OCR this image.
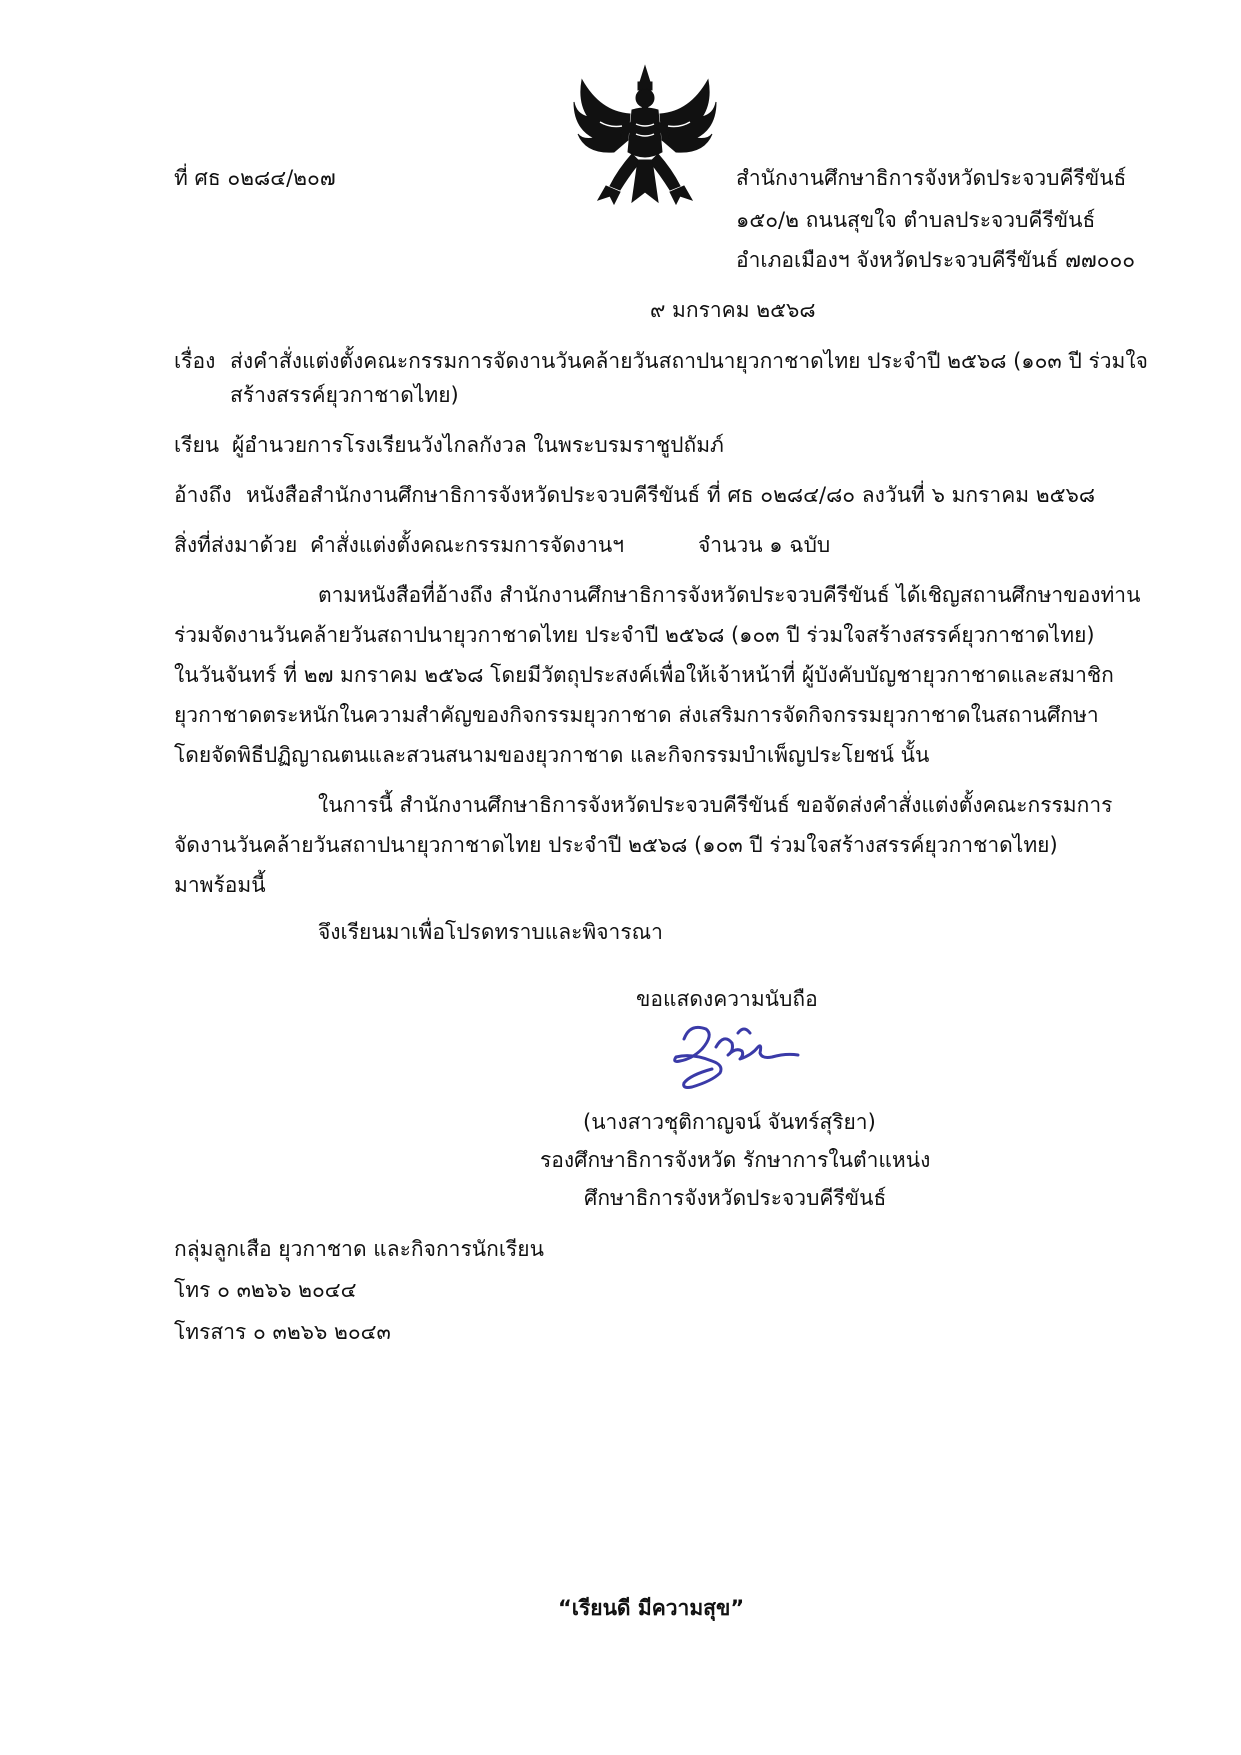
ที่ ศธ ๐๒๘๔/๒๐๗	สำนักงานศึกษาธิการจังหวัดประจวบคีรีขันธ์
๑๕๐/๒ ถนนสุขใจ ตำบลประจวบคีรีขันธ์
อำเภอเมืองฯ จังหวัดประจวบคีรีขันธ์ ๗๗๐๐๐
๙ มกราคม ๒๕๖๘
เรื่อง ส่งคำสั่งแต่งตั้งคณะกรรมการจัดงานวันคล้ายวันสถาปนายุวกาชาดไทย ประจำปี ๒๕๖๘ (๑๐๓ ปี ร่วมใจ
สร้างสรรค์ยุวกาชาดไทย)
เรียน ผู้อำนวยการโรงเรียนวังไกลกังวล ในพระบรมราชูปถัมภ์
อ้างถึง หนังสือสำนักงานศึกษาธิการจังหวัดประจวบคีรีขันธ์ ที่ ศธ ๐๒๘๔/๘๐ ลงวันที่ ๖ มกราคม ๒๕๖๘
สิ่งที่ส่งมาด้วย คำสั่งแต่งตั้งคณะกรรมการจัดงานฯ	จำนวน ๑ ฉบับ
ตามหนังสือที่อ้างถึง สำนักงานศึกษาธิการจังหวัดประจวบคีรีขันธ์ ได้เชิญสถานศึกษาของท่าน
ร่วมจัดงานวันคล้ายวันสถาปนายุวกาชาดไทย ประจำปี ๒๕๖๘ (๑๐๓ ปี ร่วมใจสร้างสรรค์ยุวกาชาดไทย)
ในวันจันทร์ ที่ ๒๗ มกราคม ๒๕๖๘ โดยมีวัตถุประสงค์เพื่อให้เจ้าหน้าที่ ผู้บังคับบัญชายุวกาชาดและสมาชิก
ยุวกาชาดตระหนักในความสำคัญของกิจกรรมยุวกาชาด ส่งเสริมการจัดกิจกรรมยุวกาชาดในสถานศึกษา
โดยจัดพิธีปฏิญาณตนและสวนสนามของยุวกาชาด และกิจกรรมบำเพ็ญประโยชน์ นั้น
ในการนี้ สำนักงานศึกษาธิการจังหวัดประจวบคีรีขันธ์ ขอจัดส่งคำสั่งแต่งตั้งคณะกรรมการ
จัดงานวันคล้ายวันสถาปนายุวกาชาดไทย ประจำปี ๒๕๖๘ (๑๐๓ ปี ร่วมใจสร้างสรรค์ยุวกาชาดไทย)
มาพร้อมนี้
จึงเรียนมาเพื่อโปรดทราบและพิจารณา
ขอแสดงความนับถือ
(นางสาวชุติกาญจน์ จันทร์สุริยา)
รองศึกษาธิการจังหวัด รักษาการในตำแหน่ง
ศึกษาธิการจังหวัดประจวบคีรีขันธ์
กลุ่มลูกเสือ ยุวกาชาด และกิจการนักเรียน
โทร ๐ ๓๒๖๖ ๒๐๔๔
โทรสาร ๐ ๓๒๖๖ ๒๐๔๓
“เรียนดี มีความสุข”
